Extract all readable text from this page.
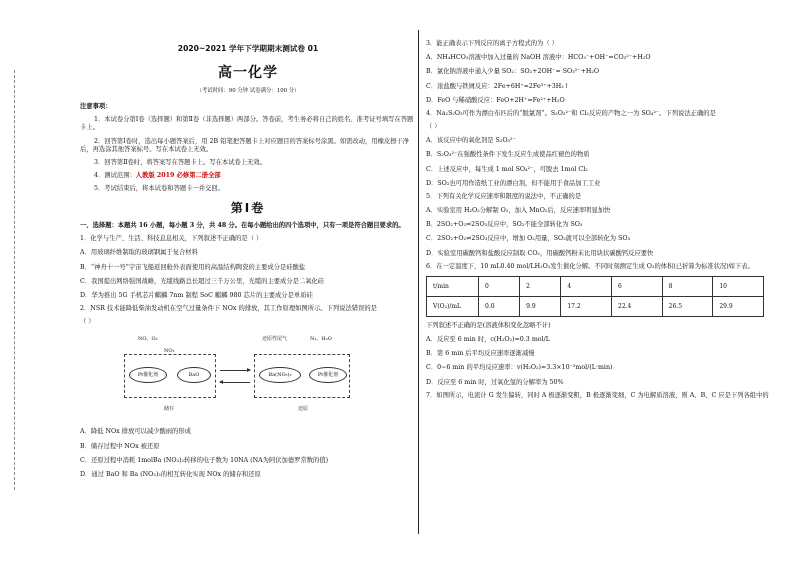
2020~2021 学年下学期期末测试卷 01
高一化学
（考试时间：90 分钟 试卷满分：100 分）
注意事项：
1．本试卷分第Ⅰ卷（选择题）和第Ⅱ卷（非选择题）两部分。答卷前，考生务必将自己的姓名、准考证号填写在答题卡上。
2．回答第Ⅰ卷时，选出每小题答案后，用 2B 铅笔把答题卡上对应题目的答案标号涂黑。如需改动，用橡皮擦干净后，再选涂其他答案标号。写在本试卷上无效。
3．回答第Ⅱ卷时，将答案写在答题卡上。写在本试卷上无效。
4．测试范围：人教版 2019 必修第二册全部
5．考试结束后，将本试卷和答题卡一并交回。
第Ⅰ卷
一、选择题：本题共 16 小题，每小题 3 分，共 48 分。在每小题给出的四个选项中，只有一项是符合题目要求的。
1．化学与生产、生活、科技息息相关，下列叙述不正确的是（ ）
A．用玻璃纤维制取的玻璃钢属于复合材料
B．“神舟十一号”宇宙飞船返回舱外表面使用的高温结构陶瓷的主要成分是硅酸盐
C．我国提出网络强国战略，光缆线路总长超过三千万公里，光缆的主要成分是二氧化硅
D．华为推出 5G 手机芯片麒麟 7nm 制程 SoC 麒麟 980 芯片的主要成分是单质硅
2．NSR 技术能降低柴油发动机在空气过量条件下 NOx 的排放，其工作原理如图所示。下列说法错误的是
（ ）
NO、O₂
NO₂
还原性尾气	N₂、H₂O
Pt催化剂	BaO	Ba(NO₃)₂	Pt催化剂
储存	还原
A．降低 NOx 排放可以减少酸雨的形成
B．储存过程中 NOx 被还原
C．还原过程中消耗 1molBa (NO₃)₂转移的电子数为 10NA (NA为阿伏加德罗常数的值)
D．通过 BaO 和 Ba (NO₃)₂的相互转化实现 NOx 的储存和还原
3．能正确表示下列反应的离子方程式的为（ ）
A．NH₄HCO₃溶液中加入过量的 NaOH 溶液中：HCO₃⁻+OH⁻=CO₃²⁻+H₂O
B．氯化钠溶液中通入少量 SO₂：SO₂+2OH⁻= SO₃²⁻+H₂O
C．浓盐酸与铁屑反应：2Fe+6H⁺=2Fe³⁺+3H₂↑
D．FeO 与稀硝酸反应：FeO+2H⁺=Fe²⁺+H₂O
4．Na₂S₂O₃可作为漂白布匹后的“脱氯剂”。S₂O₃²⁻和 Cl₂反应的产物之一为 SO₄²⁻。下列说法正确的是
（ ）
A．该反应中的氧化剂是 S₂O₃²⁻
B．S₂O₃²⁻在强酸性条件下发生反应生成使品红褪色的物质
C．上述反应中，每生成 1 mol SO₄²⁻，可脱去 1mol Cl₂
D．SO₂也可用作造纸工业的漂白剂，但不能用于食品加工工业
5．下列有关化学反应速率和限度的说法中，不正确的是
A．实验室用 H₂O₂分解制 O₂，加入 MnO₂后，反应速率明显加快
B．2SO₂+O₂⇌2SO₃反应中，SO₂不能全部转化为 SO₃
C．2SO₂+O₂⇌2SO₃反应中，增加 O₂用量，SO₂就可以全部转化为 SO₃
D．实验室用碳酸钙和盐酸反应制取 CO₂，用碳酸钙粉末比用块状碳酸钙反应要快
6．在一定温度下，10 mL0.40 mol/LH₂O₂发生催化分解。不同时刻测定生成 O₂的体积(已折算为标准状况)如下表。
t/min	0	2	4	6	8	10
V(O₂)/mL	0.0	9.9	17.2	22.4	26.5	29.9
下列叙述不正确的是(溶液体积变化忽略不计)
A．反应至 6 min 时，c(H₂O₂)=0.3 mol/L
B．第 6 min 后平均反应速率逐渐减慢
C．0~6 min 的平均反应速率：v(H₂O₂)≈3.3×10⁻²mol/(L·min)
D．反应至 6 min 时，过氧化氢的分解率为 50%
7．如图所示，电流计 G 发生偏转，同时 A 极逐渐变粗，B 极逐渐变细，C 为电解质溶液，则 A、B、C 应是下列各组中的
